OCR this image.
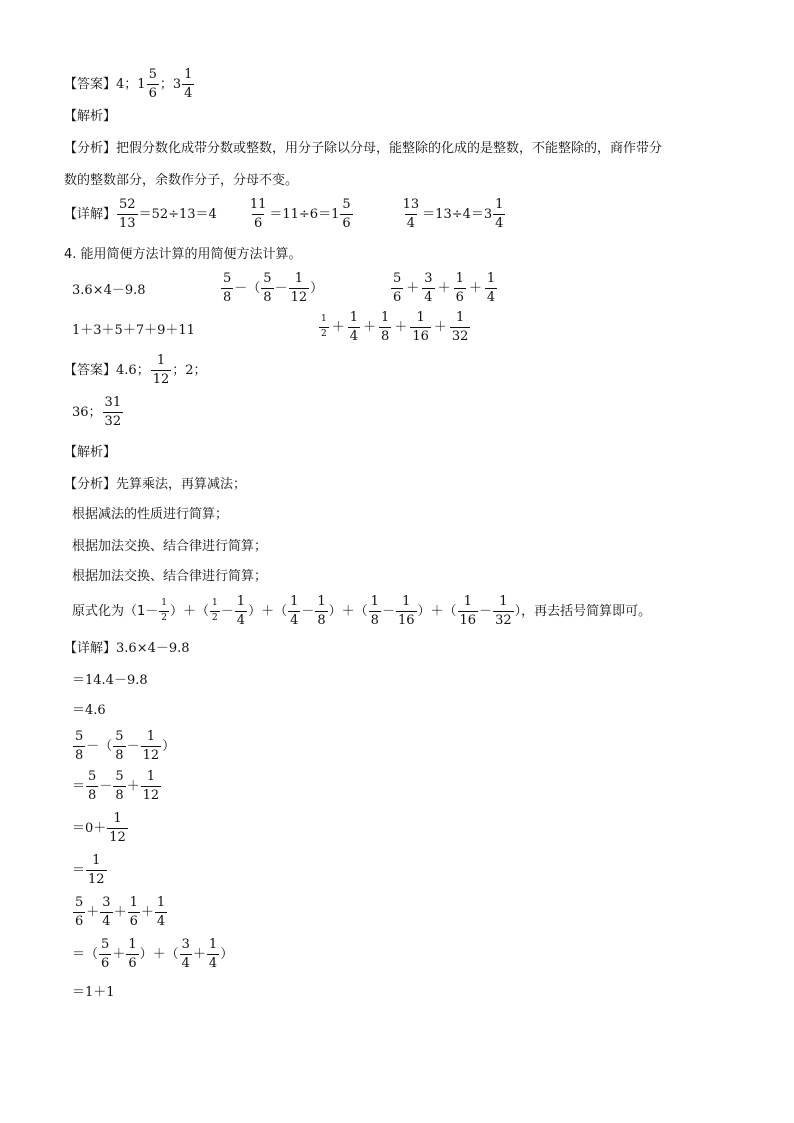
【答案】 4； 1
5
6
； 3
1
4
【解析】
【分析】把假分数化成带分数或整数，用分子除以分母，能整除的化成的是整数，不能整除的，商作带分
数的整数部分，余数作分子，分母不变。
【详解】
52
13
＝52÷13＝4
11
6
＝11÷6＝1
5
6
13
4
＝13÷4＝3
1
4
4. 能用简便方法计算的用简便方法计算。
3.6×4－9.8
5
8
－（
5
8
－
1
12
）
5
6
＋
3
4
＋
1
6
＋
1
4
1＋3＋5＋7＋9＋11
1
2 ＋
1
4
＋
1
8
＋
1
16
＋
1
32
【答案】 4.6；
1
12
；2；
36；
31
32
【解析】
【分析】先算乘法，再算减法；
根据减法的性质进行简算；
根据加法交换、结合律进行简算；
根据加法交换、结合律进行简算；
原式化为（1－
1
2 ）＋（
1
2 －
1
4
）＋（
1
4
－
1
8
）＋（
1
8
－
1
16
）＋（
1
16
－
1
32
），再去括号简算即可。
【详解】3.6×4－9.8
＝14.4－9.8
＝4.6
5
8
－（
5
8
－
1
12
）
＝
5
8
－
5
8
＋
1
12
＝0＋
1
12
＝
1
12
5
6
＋
3
4
＋
1
6
＋
1
4
＝ （
5
6
＋
1
6
）＋（
3
4
＋
1
4
）
＝1＋1
